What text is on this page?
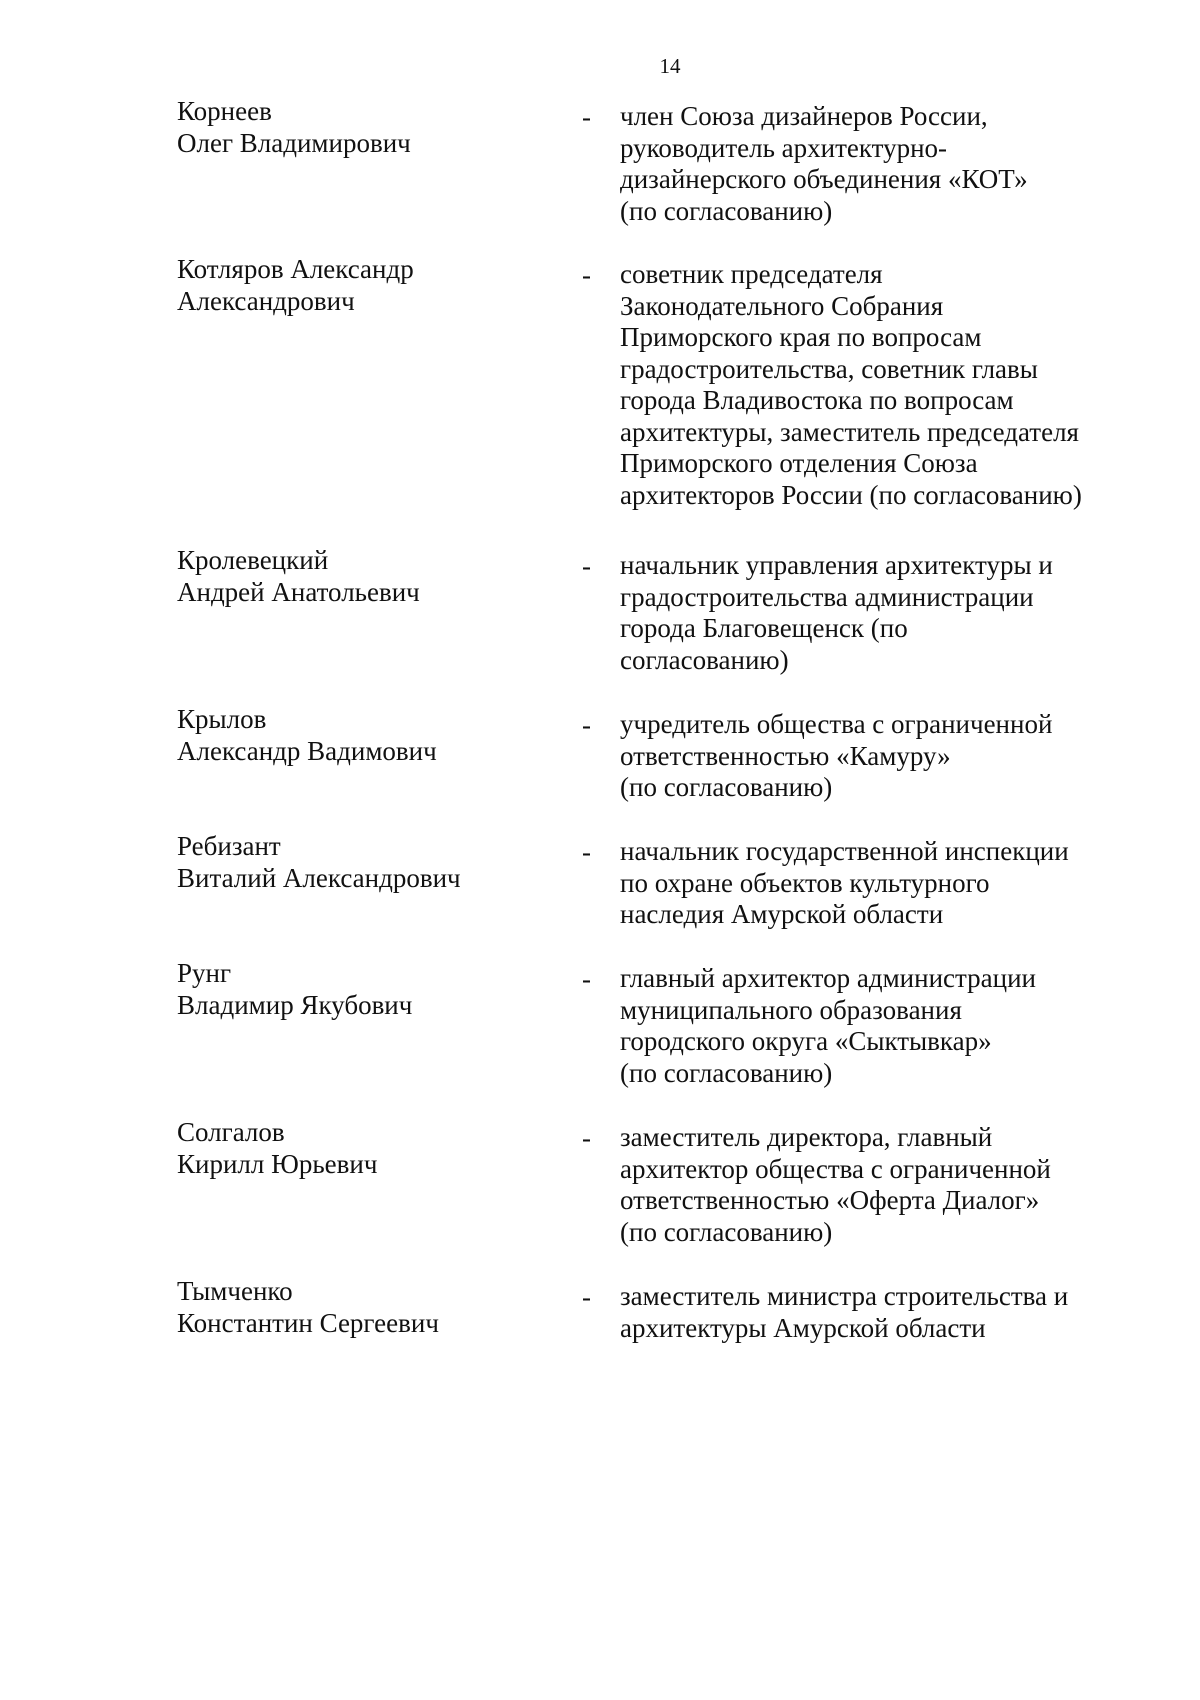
14
Корнеев
Олег Владимирович
- член Союза дизайнеров России,
руководитель архитектурно-
дизайнерского объединения «КОТ»
(по согласованию)
Котляров Александр
Александрович
- советник председателя
Законодательного Собрания
Приморского края по вопросам
градостроительства, советник главы
города Владивостока по вопросам
архитектуры, заместитель председателя
Приморского отделения Союза
архитекторов России (по согласованию)
Кролевецкий
Андрей Анатольевич
- начальник управления архитектуры и
градостроительства администрации
города Благовещенск (по
согласованию)
Крылов
Александр Вадимович
- учредитель общества с ограниченной
ответственностью «Камуру»
(по согласованию)
Ребизант
Виталий Александрович
- начальник государственной инспекции
по охране объектов культурного
наследия Амурской области
Рунг
Владимир Якубович
- главный архитектор администрации
муниципального образования
городского округа «Сыктывкар»
(по согласованию)
Солгалов
Кирилл Юрьевич
- заместитель директора, главный
архитектор общества с ограниченной
ответственностью «Оферта Диалог»
(по согласованию)
Тымченко
Константин Сергеевич
- заместитель министра строительства и
архитектуры Амурской области
